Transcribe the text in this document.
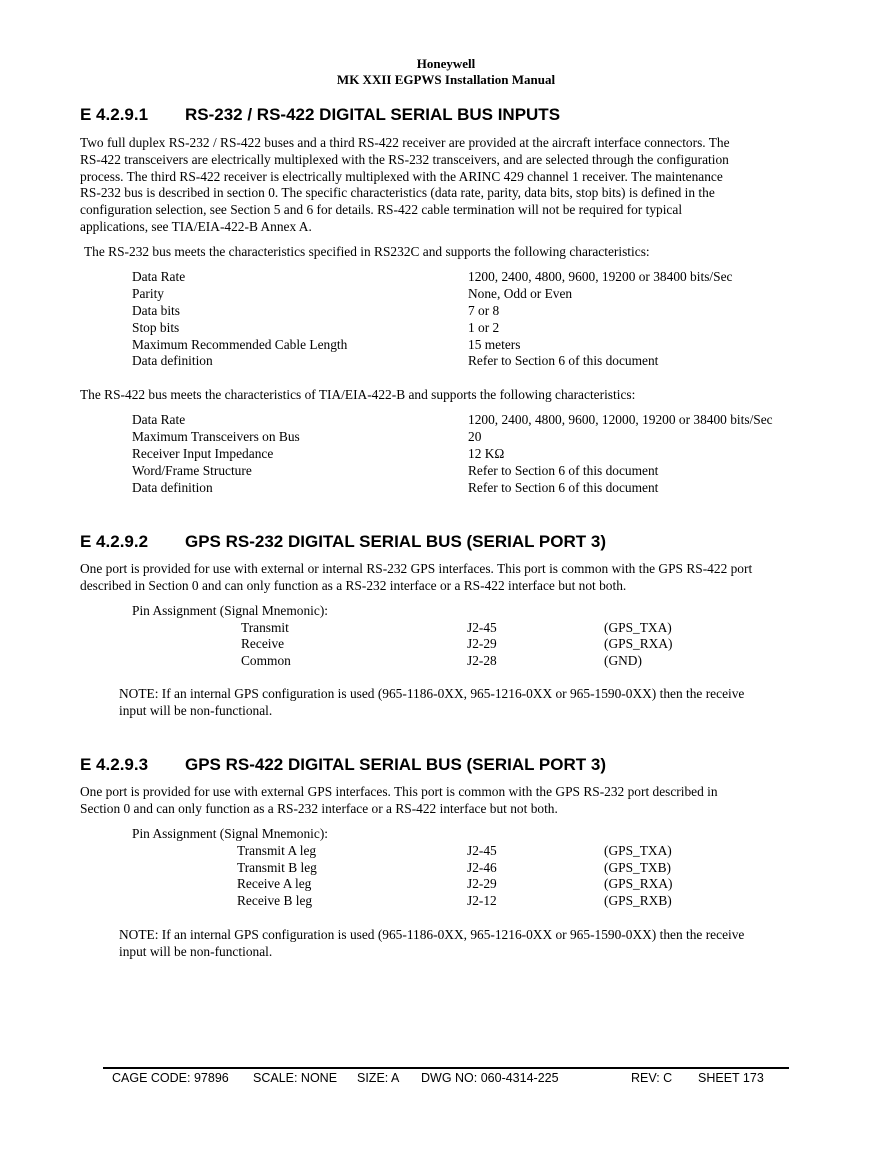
Honeywell
MK XXII EGPWS Installation Manual
E 4.2.9.1 RS-232 / RS-422 DIGITAL SERIAL BUS INPUTS
Two full duplex RS-232 / RS-422 buses and a third RS-422 receiver are provided at the aircraft interface connectors. The
RS-422 transceivers are electrically multiplexed with the RS-232 transceivers, and are selected through the configuration
process. The third RS-422 receiver is electrically multiplexed with the ARINC 429 channel 1 receiver. The maintenance
RS-232 bus is described in section 0. The specific characteristics (data rate, parity, data bits, stop bits) is defined in the
configuration selection, see Section 5 and 6 for details. RS-422 cable termination will not be required for typical
applications, see TIA/EIA-422-B Annex A.
The RS-232 bus meets the characteristics specified in RS232C and supports the following characteristics:
Data Rate	1200, 2400, 4800, 9600, 19200 or 38400 bits/Sec
Parity	None, Odd or Even
Data bits	7 or 8
Stop bits	1 or 2
Maximum Recommended Cable Length	15 meters
Data definition	Refer to Section 6 of this document
The RS-422 bus meets the characteristics of TIA/EIA-422-B and supports the following characteristics:
Data Rate	1200, 2400, 4800, 9600, 12000, 19200 or 38400 bits/Sec
Maximum Transceivers on Bus	20
Receiver Input Impedance	12 KΩ
Word/Frame Structure	Refer to Section 6 of this document
Data definition	Refer to Section 6 of this document
E 4.2.9.2 GPS RS-232 DIGITAL SERIAL BUS (SERIAL PORT 3)
One port is provided for use with external or internal RS-232 GPS interfaces. This port is common with the GPS RS-422 port
described in Section 0 and can only function as a RS-232 interface or a RS-422 interface but not both.
Pin Assignment (Signal Mnemonic):
Transmit	J2-45	(GPS_TXA)
Receive	J2-29	(GPS_RXA)
Common	J2-28	(GND)
NOTE: If an internal GPS configuration is used (965-1186-0XX, 965-1216-0XX or 965-1590-0XX) then the receive
input will be non-functional.
E 4.2.9.3 GPS RS-422 DIGITAL SERIAL BUS (SERIAL PORT 3)
One port is provided for use with external GPS interfaces. This port is common with the GPS RS-232 port described in
Section 0 and can only function as a RS-232 interface or a RS-422 interface but not both.
Pin Assignment (Signal Mnemonic):
Transmit A leg	J2-45	(GPS_TXA)
Transmit B leg	J2-46	(GPS_TXB)
Receive A leg	J2-29	(GPS_RXA)
Receive B leg	J2-12	(GPS_RXB)
NOTE: If an internal GPS configuration is used (965-1186-0XX, 965-1216-0XX or 965-1590-0XX) then the receive
input will be non-functional.
CAGE CODE: 97896 SCALE: NONE SIZE: A DWG NO: 060-4314-225	REV: C SHEET 173
